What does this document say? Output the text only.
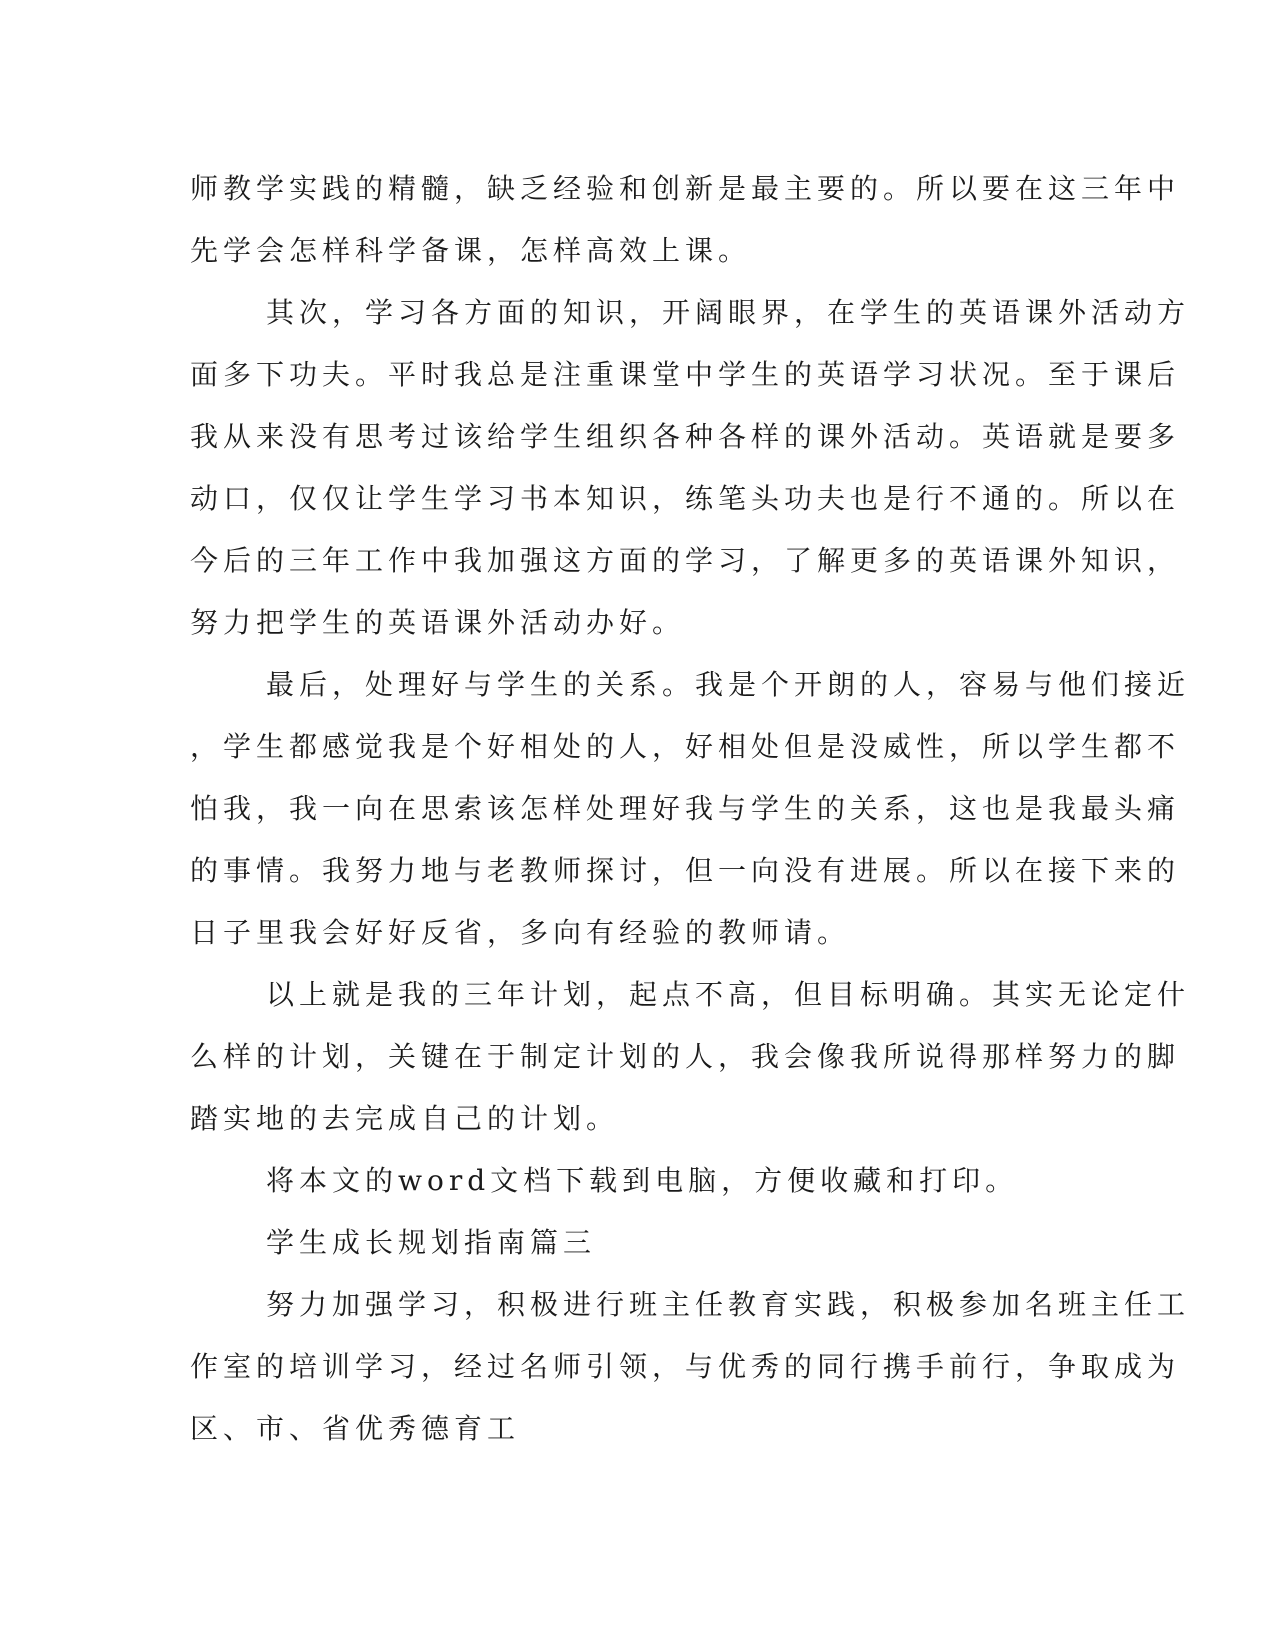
师教学实践的精髓，缺乏经验和创新是最主要的。所以要在这三年中
先学会怎样科学备课，怎样高效上课。
其次，学习各方面的知识，开阔眼界，在学生的英语课外活动方
面多下功夫。平时我总是注重课堂中学生的英语学习状况。至于课后
我从来没有思考过该给学生组织各种各样的课外活动。英语就是要多
动口，仅仅让学生学习书本知识，练笔头功夫也是行不通的。所以在
今后的三年工作中我加强这方面的学习，了解更多的英语课外知识，
努力把学生的英语课外活动办好。
最后，处理好与学生的关系。我是个开朗的人，容易与他们接近
，学生都感觉我是个好相处的人，好相处但是没威性，所以学生都不
怕我，我一向在思索该怎样处理好我与学生的关系，这也是我最头痛
的事情。我努力地与老教师探讨，但一向没有进展。所以在接下来的
日子里我会好好反省，多向有经验的教师请。
以上就是我的三年计划，起点不高，但目标明确。其实无论定什
么样的计划，关键在于制定计划的人，我会像我所说得那样努力的脚
踏实地的去完成自己的计划。
将本文的word文档下载到电脑，方便收藏和打印。
学生成长规划指南篇三
努力加强学习，积极进行班主任教育实践，积极参加名班主任工
作室的培训学习，经过名师引领，与优秀的同行携手前行，争取成为
区、市、省优秀德育工
